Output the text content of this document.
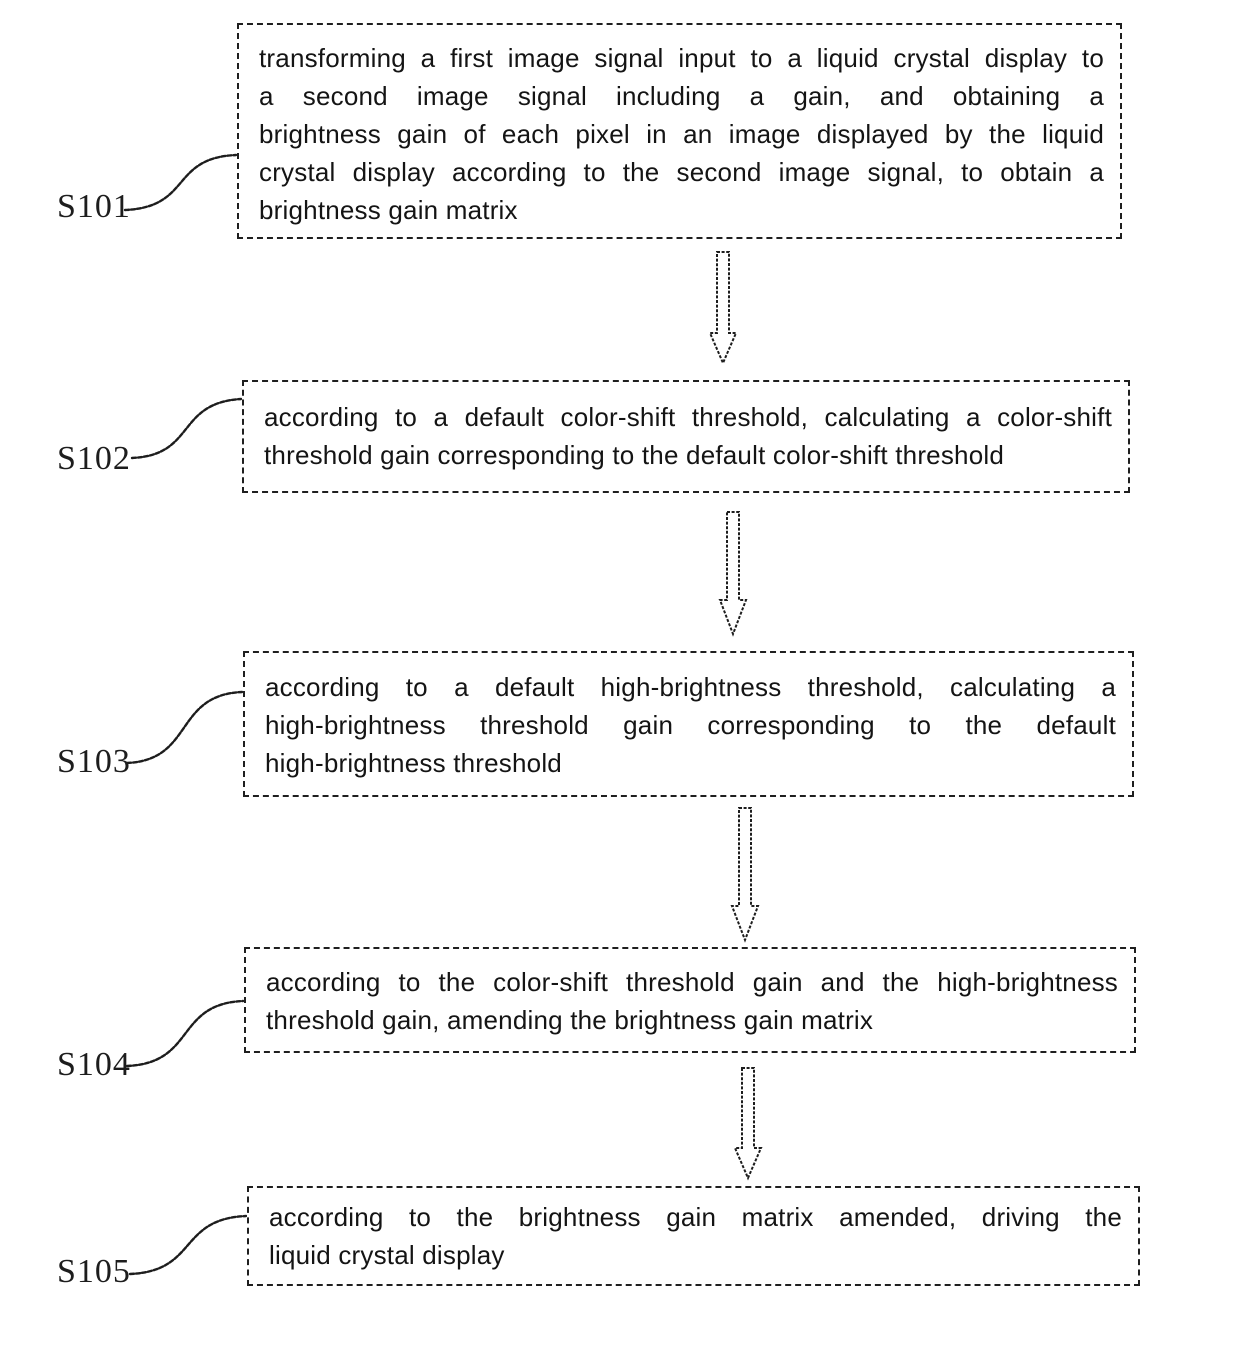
transforming a first image signal input to a liquid crystal display to
a second image signal including a gain, and obtaining a
brightness gain of each pixel in an image displayed by the liquid
crystal display according to the second image signal, to obtain a
brightness gain matrix
according to a default color-shift threshold, calculating a color-shift
threshold gain corresponding to the default color-shift threshold
according to a default high-brightness threshold, calculating a
high-brightness threshold gain corresponding to the default
high-brightness threshold
according to the color-shift threshold gain and the high-brightness
threshold gain, amending the brightness gain matrix
according to the brightness gain matrix amended, driving the
liquid crystal display
S101
S102
S103
S104
S105
